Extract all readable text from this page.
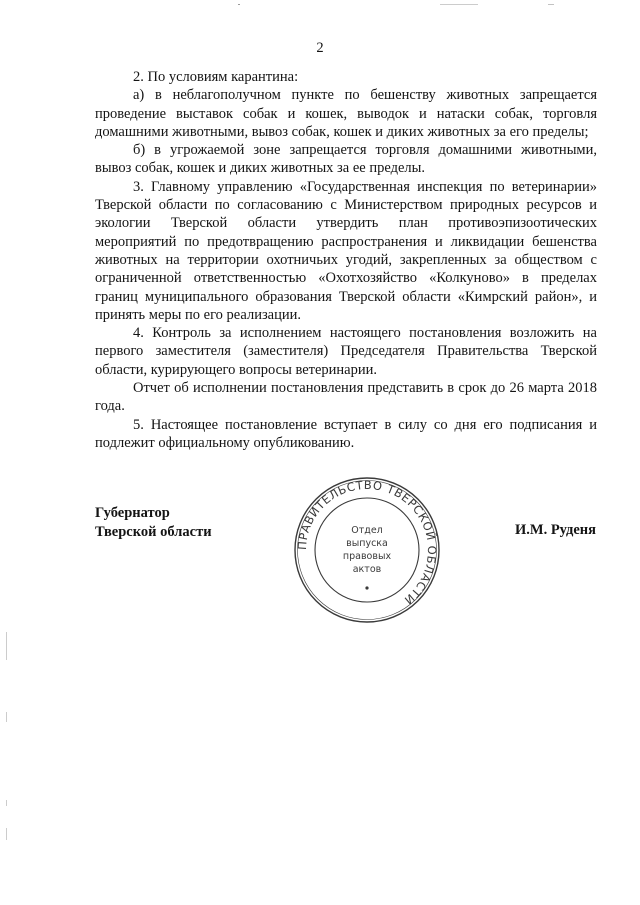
2

2. По условиям карантина:

а) в неблагополучном пункте по бешенству животных запрещается проведение выставок собак и кошек, выводок и натаски собак, торговля домашними животными, вывоз собак, кошек и диких животных за его пределы;

б) в угрожаемой зоне запрещается торговля домашними животными, вывоз собак, кошек и диких животных за ее пределы.

3. Главному управлению «Государственная инспекция по ветеринарии» Тверской области по согласованию с Министерством природных ресурсов и экологии Тверской области утвердить план противоэпизоотических мероприятий по предотвращению распространения и ликвидации бешенства животных на территории охотничьих угодий, закрепленных за обществом с ограниченной ответственностью «Охотхозяйство «Колкуново» в пределах границ муниципального образования Тверской области «Кимрский район», и принять меры по его реализации.

4. Контроль за исполнением настоящего постановления возложить на первого заместителя (заместителя) Председателя Правительства Тверской области, курирующего вопросы ветеринарии.

Отчет об исполнении постановления представить в срок до 26 марта 2018 года.

5. Настоящее постановление вступает в силу со дня его подписания и подлежит официальному опубликованию.

Губернатор
Тверской области	И.М. Руденя
ПРАВИТЕЛЬСТВО ТВЕРСКОЙ ОБЛАСТИ
Отдел
выпуска
правовых
актов
